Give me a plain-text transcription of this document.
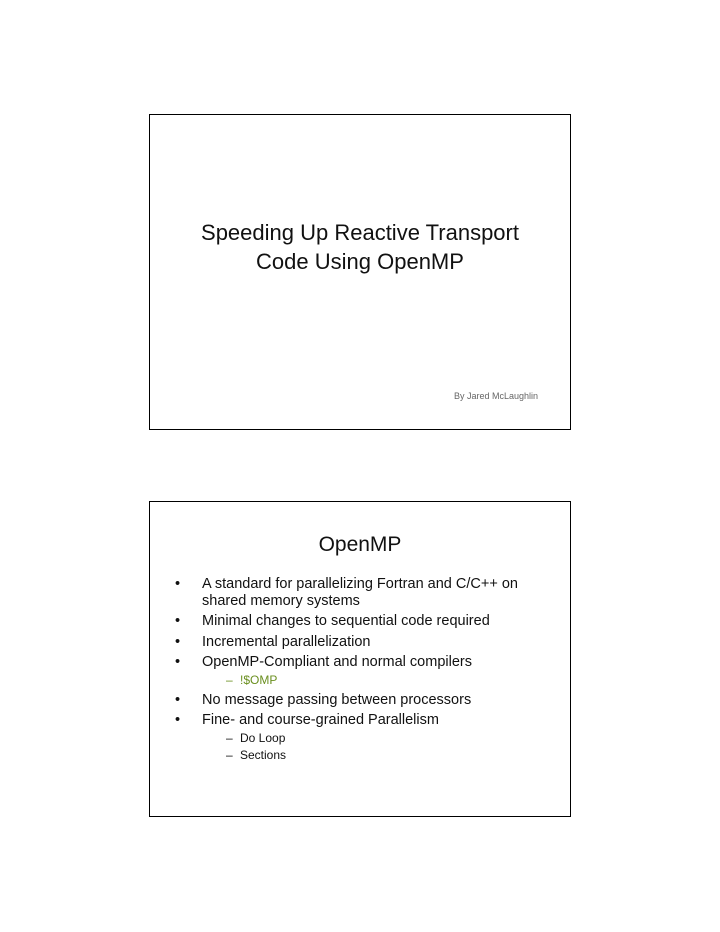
Speeding Up Reactive Transport
Code Using OpenMP
By Jared McLaughlin
OpenMP
• A standard for parallelizing Fortran and C/C++ on shared memory systems
• Minimal changes to sequential code required
• Incremental parallelization
• OpenMP-Compliant and normal compilers
– !$OMP
• No message passing between processors
• Fine- and course-grained Parallelism
– Do Loop
– Sections
